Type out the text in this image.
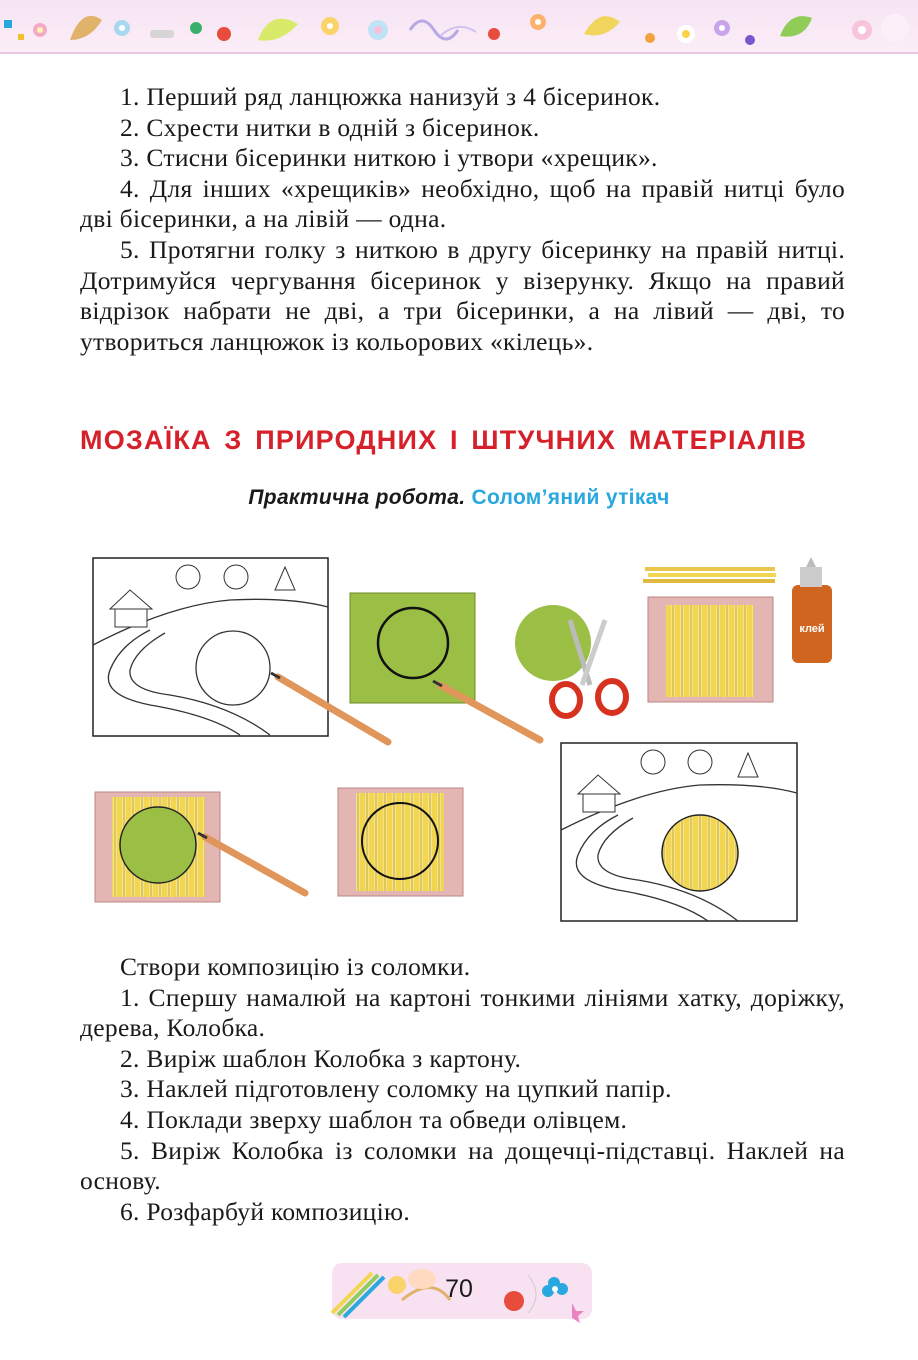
1. Перший ряд ланцюжка нанизуй з 4 бісеринок.

2. Схрести нитки в одній з бісеринок.

3. Стисни бісеринки ниткою і утвори «хрещик».

4. Для інших «хрещиків» необхідно, щоб на правій нитці було дві бісеринки, а на лівій — одна.

5. Протягни голку з ниткою в другу бісеринку на правій нитці. Дотримуйся чергування бісеринок у візерунку. Якщо на правий відрізок набрати не дві, а три бісеринки, а на лівий — дві, то утвориться ланцюжок із кольорових «кілець».

МОЗАЇКА З ПРИРОДНИХ І ШТУЧНИХ МАТЕРІАЛІВ

Практична робота. Солом’яний утікач

клей

Створи композицію із соломки.

1. Спершу намалюй на картоні тонкими лініями хатку, доріжку, дерева, Колобка.

2. Виріж шаблон Колобка з картону.

3. Наклей підготовлену соломку на цупкий папір.

4. Поклади зверху шаблон та обведи олівцем.

5. Виріж Колобка із соломки на дощечці-підставці. Наклей на основу.

6. Розфарбуй композицію.

70
